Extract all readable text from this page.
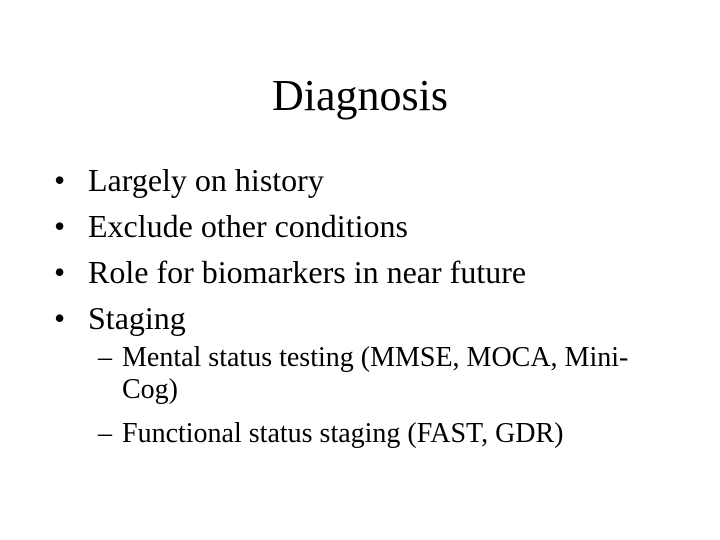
Diagnosis
• Largely on history
• Exclude other conditions
• Role for biomarkers in near future
• Staging
– Mental status testing (MMSE, MOCA, Mini-Cog)
– Functional status staging (FAST, GDR)
